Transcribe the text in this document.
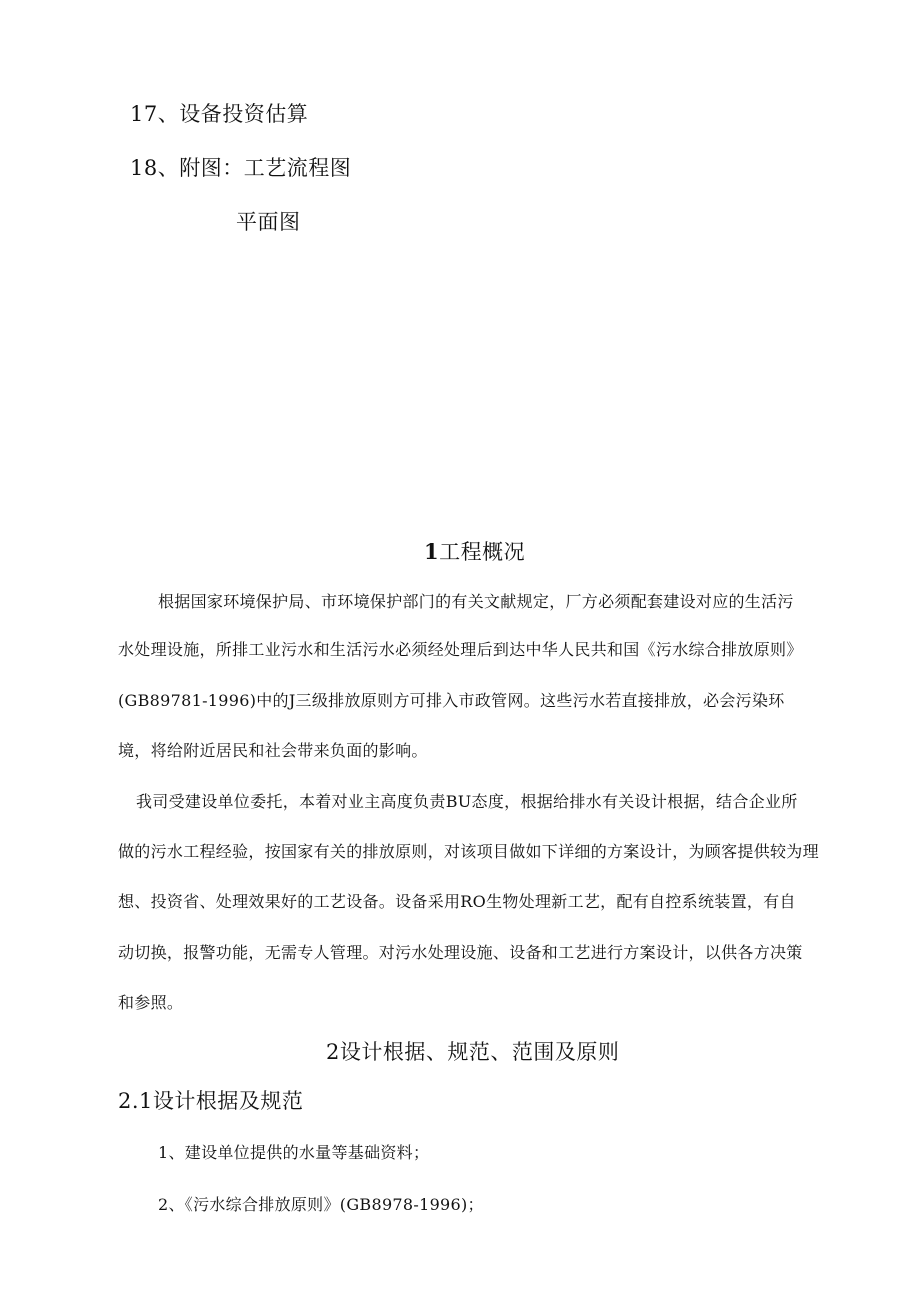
17、设备投资估算

18、附图：工艺流程图

平面图

1工程概况

根据国家环境保护局、市环境保护部门的有关文献规定，厂方必须配套建设对应的生活污

水处理设施，所排工业污水和生活污水必须经处理后到达中华人民共和国《污水综合排放原则》

(GB89781-1996)中的J三级排放原则方可排入市政管网。这些污水若直接排放，必会污染环

境，将给附近居民和社会带来负面的影响。

我司受建设单位委托，本着对业主高度负责BU态度，根据给排水有关设计根据，结合企业所

做的污水工程经验，按国家有关的排放原则，对该项目做如下详细的方案设计，为顾客提供较为理

想、投资省、处理效果好的工艺设备。设备采用RO生物处理新工艺，配有自控系统装置，有自

动切换，报警功能，无需专人管理。对污水处理设施、设备和工艺进行方案设计，以供各方决策

和参照。

2设计根据、规范、范围及原则

2.1设计根据及规范

1、建设单位提供的水量等基础资料；

2、《污水综合排放原则》(GB8978-1996)；
